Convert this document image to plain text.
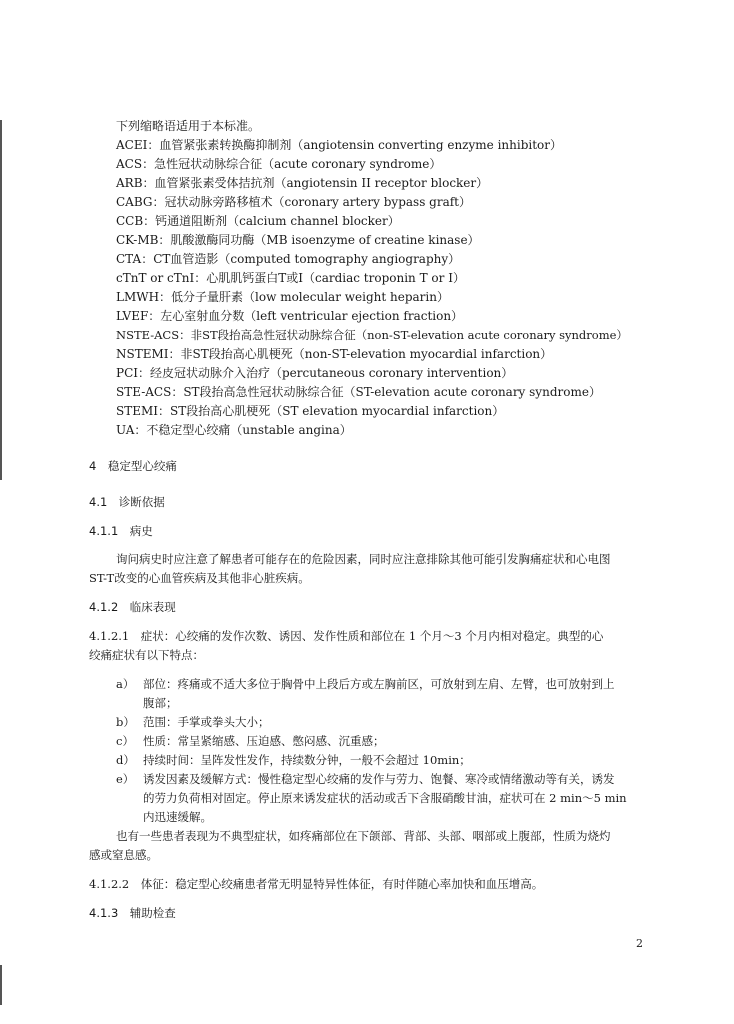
下列缩略语适用于本标准。
ACEI：血管紧张素转换酶抑制剂（angiotensin converting enzyme inhibitor）
ACS：急性冠状动脉综合征（acute coronary syndrome）
ARB：血管紧张素受体拮抗剂（angiotensin II receptor blocker）
CABG：冠状动脉旁路移植术（coronary artery bypass graft）
CCB：钙通道阻断剂（calcium channel blocker）
CK-MB：肌酸激酶同功酶（MB isoenzyme of creatine kinase）
CTA：CT血管造影（computed tomography angiography）
cTnT or cTnI：心肌肌钙蛋白T或I（cardiac troponin T or I）
LMWH：低分子量肝素（low molecular weight heparin）
LVEF：左心室射血分数（left ventricular ejection fraction）
NSTE-ACS：非ST段抬高急性冠状动脉综合征（non-ST-elevation acute coronary syndrome）
NSTEMI：非ST段抬高心肌梗死（non-ST-elevation myocardial infarction）
PCI：经皮冠状动脉介入治疗（percutaneous coronary intervention）
STE-ACS：ST段抬高急性冠状动脉综合征（ST-elevation acute coronary syndrome）
STEMI：ST段抬高心肌梗死（ST elevation myocardial infarction）
UA：不稳定型心绞痛（unstable angina）
4　稳定型心绞痛
4.1　诊断依据
4.1.1　病史
询问病史时应注意了解患者可能存在的危险因素，同时应注意排除其他可能引发胸痛症状和心电图
ST-T改变的心血管疾病及其他非心脏疾病。
4.1.2　临床表现
4.1.2.1　症状：心绞痛的发作次数、诱因、发作性质和部位在 1 个月～3 个月内相对稳定。典型的心
绞痛症状有以下特点：
a） 部位：疼痛或不适大多位于胸骨中上段后方或左胸前区，可放射到左肩、左臂，也可放射到上
腹部；
b） 范围：手掌或拳头大小；
c） 性质：常呈紧缩感、压迫感、憋闷感、沉重感；
d） 持续时间：呈阵发性发作，持续数分钟，一般不会超过 10min；
e） 诱发因素及缓解方式：慢性稳定型心绞痛的发作与劳力、饱餐、寒冷或情绪激动等有关，诱发
的劳力负荷相对固定。停止原来诱发症状的活动或舌下含服硝酸甘油，症状可在 2 min～5 min
内迅速缓解。
也有一些患者表现为不典型症状，如疼痛部位在下颌部、背部、头部、咽部或上腹部，性质为烧灼
感或窒息感。
4.1.2.2　体征：稳定型心绞痛患者常无明显特异性体征，有时伴随心率加快和血压增高。
4.1.3　辅助检查
2
